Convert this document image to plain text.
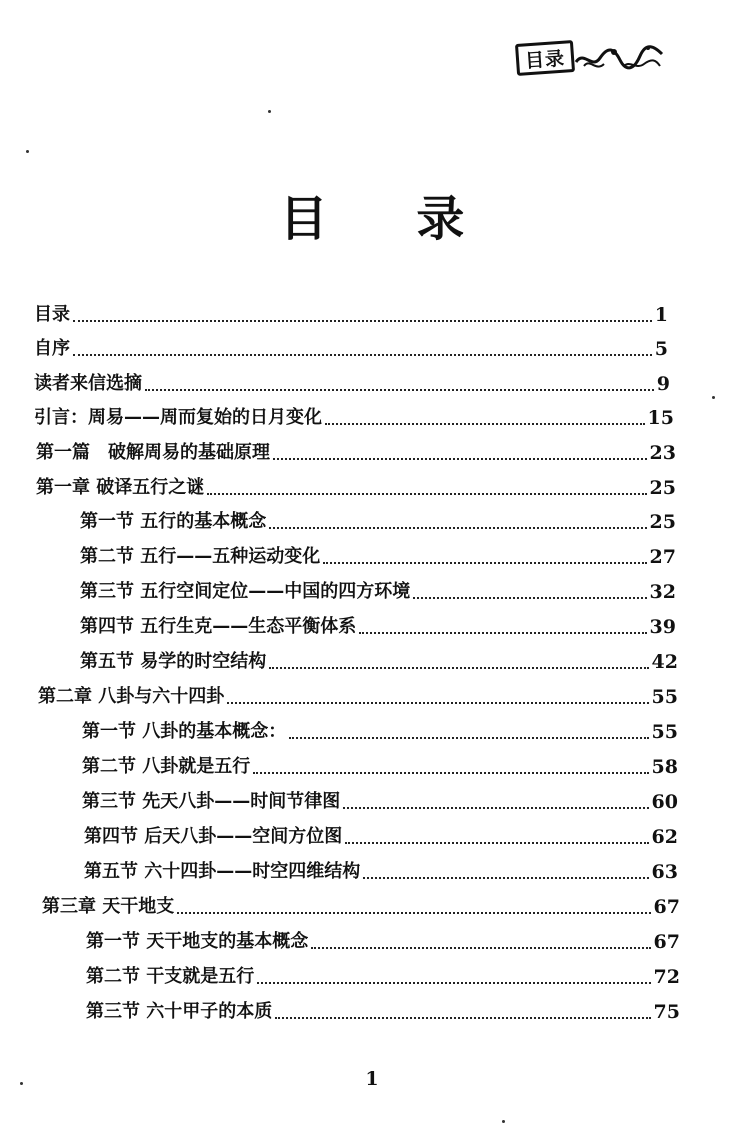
目录
目 录
目录	1
自序	5
读者来信选摘	9
引言：周易——周而复始的日月变化	15
第一篇　破解周易的基础原理	23
第一章 破译五行之谜	25
第一节 五行的基本概念	25
第二节 五行——五种运动变化	27
第三节 五行空间定位——中国的四方环境	32
第四节 五行生克——生态平衡体系	39
第五节 易学的时空结构	42
第二章 八卦与六十四卦	55
第一节 八卦的基本概念：	55
第二节 八卦就是五行	58
第三节 先天八卦——时间节律图	60
第四节 后天八卦——空间方位图	62
第五节 六十四卦——时空四维结构	63
第三章 天干地支	67
第一节 天干地支的基本概念	67
第二节 干支就是五行	72
第三节 六十甲子的本质	75
1
